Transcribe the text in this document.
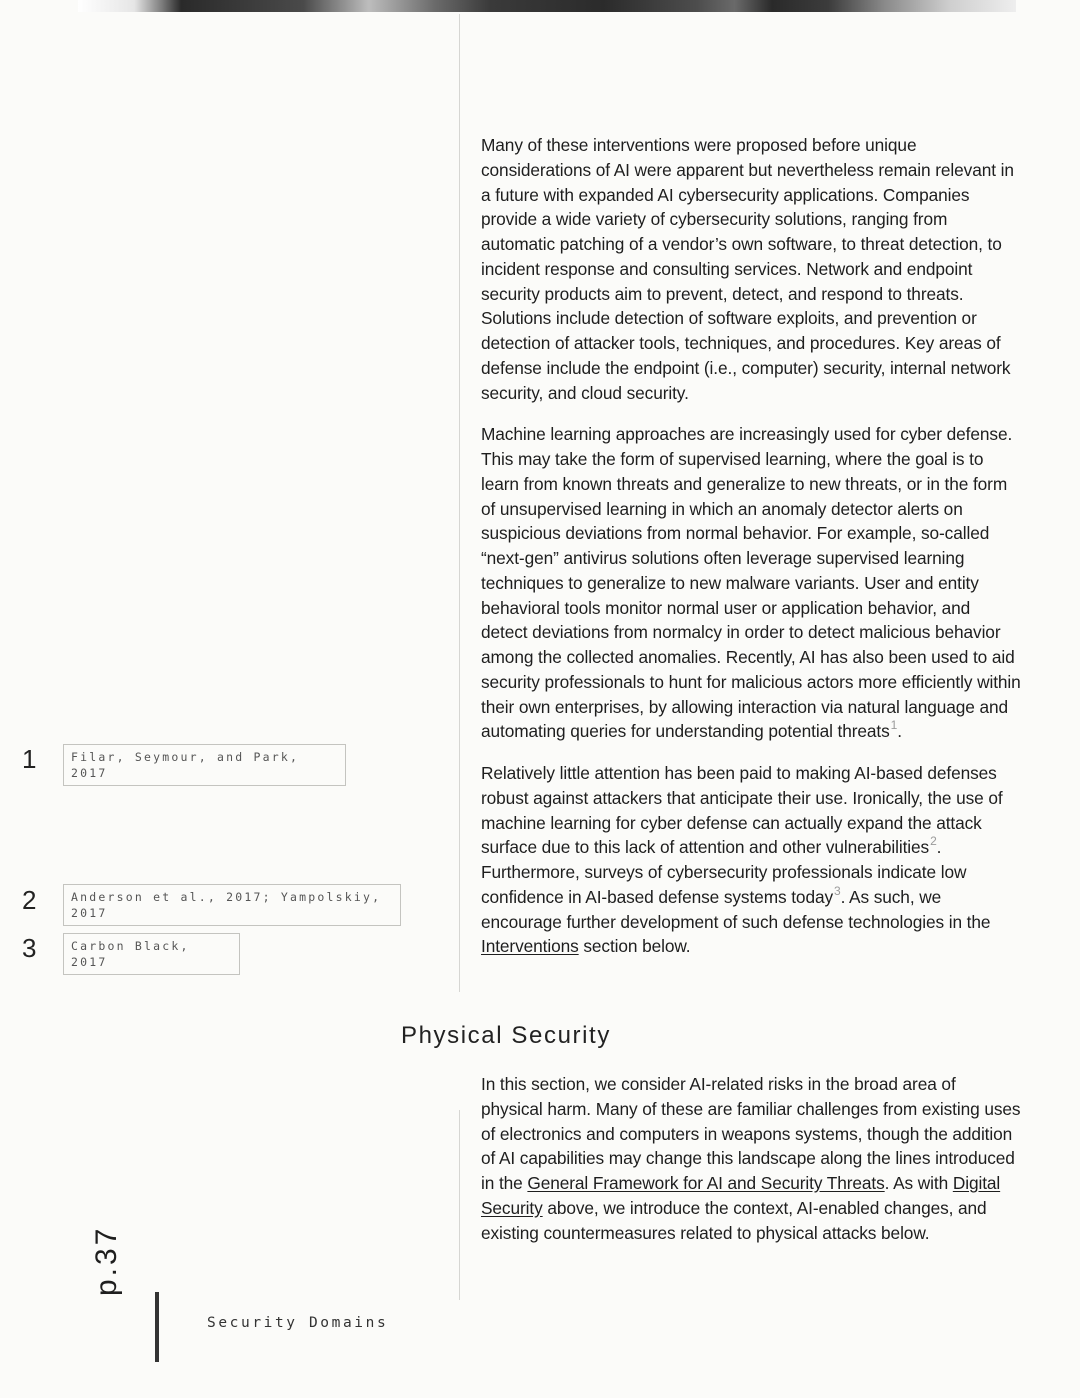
Many of these interventions were proposed before unique considerations of AI were apparent but nevertheless remain relevant in a future with expanded AI cybersecurity applications. Companies provide a wide variety of cybersecurity solutions, ranging from automatic patching of a vendor’s own software, to threat detection, to incident response and consulting services. Network and endpoint security products aim to prevent, detect, and respond to threats. Solutions include detection of software exploits, and prevention or detection of attacker tools, techniques, and procedures. Key areas of defense include the endpoint (i.e., computer) security, internal network security, and cloud security.

Machine learning approaches are increasingly used for cyber defense. This may take the form of supervised learning, where the goal is to learn from known threats and generalize to new threats, or in the form of unsupervised learning in which an anomaly detector alerts on suspicious deviations from normal behavior. For example, so-called “next-gen” antivirus solutions often leverage supervised learning techniques to generalize to new malware variants. User and entity behavioral tools monitor normal user or application behavior, and detect deviations from normalcy in order to detect malicious behavior among the collected anomalies. Recently, AI has also been used to aid security professionals to hunt for malicious actors more efficiently within their own enterprises, by allowing interaction via natural language and automating queries for understanding potential threats$^1$.

Relatively little attention has been paid to making AI-based defenses robust against attackers that anticipate their use. Ironically, the use of machine learning for cyber defense can actually expand the attack surface due to this lack of attention and other vulnerabilities$^2$. Furthermore, surveys of cybersecurity professionals indicate low confidence in AI-based defense systems today$^3$. As such, we encourage further development of such defense technologies in the Interventions section below.

Physical Security

In this section, we consider AI-related risks in the broad area of physical harm. Many of these are familiar challenges from existing uses of electronics and computers in weapons systems, though the addition of AI capabilities may change this landscape along the lines introduced in the General Framework for AI and Security Threats. As with Digital Security above, we introduce the context, AI-enabled changes, and existing countermeasures related to physical attacks below.

1	Filar, Seymour, and Park, 2017
2	Anderson et al., 2017; Yampolskiy, 2017
3	Carbon Black, 2017
p.37
Security Domains
